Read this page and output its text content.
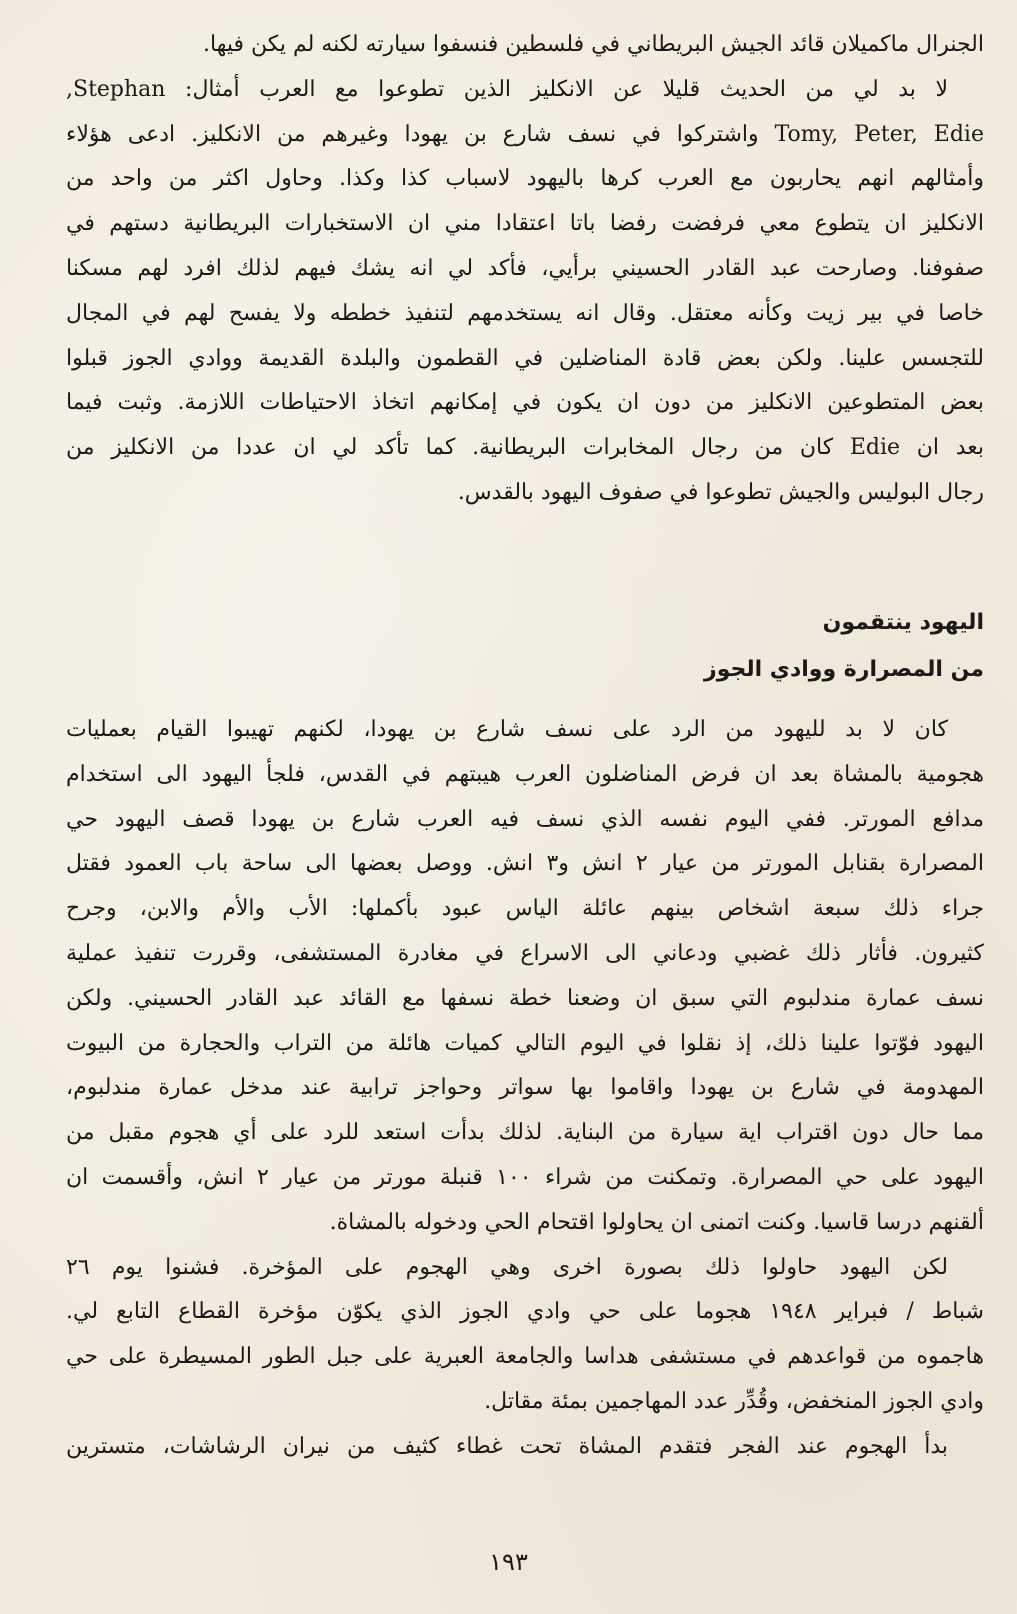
الجنرال ماكميلان قائد الجيش البريطاني في فلسطين فنسفوا سيارته لكنه لم يكن فيها.
لا بد لي من الحديث قليلا عن الانكليز الذين تطوعوا مع العرب أمثال: Stephan,
Tomy, Peter, Edie واشتركوا في نسف شارع بن يهودا وغيرهم من الانكليز. ادعى هؤلاء
وأمثالهم انهم يحاربون مع العرب كرها باليهود لاسباب كذا وكذا. وحاول اكثر من واحد من
الانكليز ان يتطوع معي فرفضت رفضا باتا اعتقادا مني ان الاستخبارات البريطانية دستهم في
صفوفنا. وصارحت عبد القادر الحسيني برأيي، فأكد لي انه يشك فيهم لذلك افرد لهم مسكنا
خاصا في بير زيت وكأنه معتقل. وقال انه يستخدمهم لتنفيذ خططه ولا يفسح لهم في المجال
للتجسس علينا. ولكن بعض قادة المناضلين في القطمون والبلدة القديمة ووادي الجوز قبلوا
بعض المتطوعين الانكليز من دون ان يكون في إمكانهم اتخاذ الاحتياطات اللازمة. وثبت فيما
بعد ان Edie كان من رجال المخابرات البريطانية. كما تأكد لي ان عددا من الانكليز من
رجال البوليس والجيش تطوعوا في صفوف اليهود بالقدس.
اليهود ينتقمون
من المصرارة ووادي الجوز
كان لا بد لليهود من الرد على نسف شارع بن يهودا، لكنهم تهيبوا القيام بعمليات
هجومية بالمشاة بعد ان فرض المناضلون العرب هيبتهم في القدس، فلجأ اليهود الى استخدام
مدافع المورتر. ففي اليوم نفسه الذي نسف فيه العرب شارع بن يهودا قصف اليهود حي
المصرارة بقنابل المورتر من عيار ٢ انش و٣ انش. ووصل بعضها الى ساحة باب العمود فقتل
جراء ذلك سبعة اشخاص بينهم عائلة الياس عبود بأكملها: الأب والأم والابن، وجرح
كثيرون. فأثار ذلك غضبي ودعاني الى الاسراع في مغادرة المستشفى، وقررت تنفيذ عملية
نسف عمارة مندلبوم التي سبق ان وضعنا خطة نسفها مع القائد عبد القادر الحسيني. ولكن
اليهود فوّتوا علينا ذلك، إذ نقلوا في اليوم التالي كميات هائلة من التراب والحجارة من البيوت
المهدومة في شارع بن يهودا واقاموا بها سواتر وحواجز ترابية عند مدخل عمارة مندلبوم،
مما حال دون اقتراب اية سيارة من البناية. لذلك بدأت استعد للرد على أي هجوم مقبل من
اليهود على حي المصرارة. وتمكنت من شراء ١٠٠ قنبلة مورتر من عيار ٢ انش، وأقسمت ان
ألقنهم درسا قاسيا. وكنت اتمنى ان يحاولوا اقتحام الحي ودخوله بالمشاة.
لكن اليهود حاولوا ذلك بصورة اخرى وهي الهجوم على المؤخرة. فشنوا يوم ٢٦
شباط / فبراير ١٩٤٨ هجوما على حي وادي الجوز الذي يكوّن مؤخرة القطاع التابع لي.
هاجموه من قواعدهم في مستشفى هداسا والجامعة العبرية على جبل الطور المسيطرة على حي
وادي الجوز المنخفض، وقُدِّر عدد المهاجمين بمئة مقاتل.
بدأ الهجوم عند الفجر فتقدم المشاة تحت غطاء كثيف من نيران الرشاشات، متسترين
١٩٣
